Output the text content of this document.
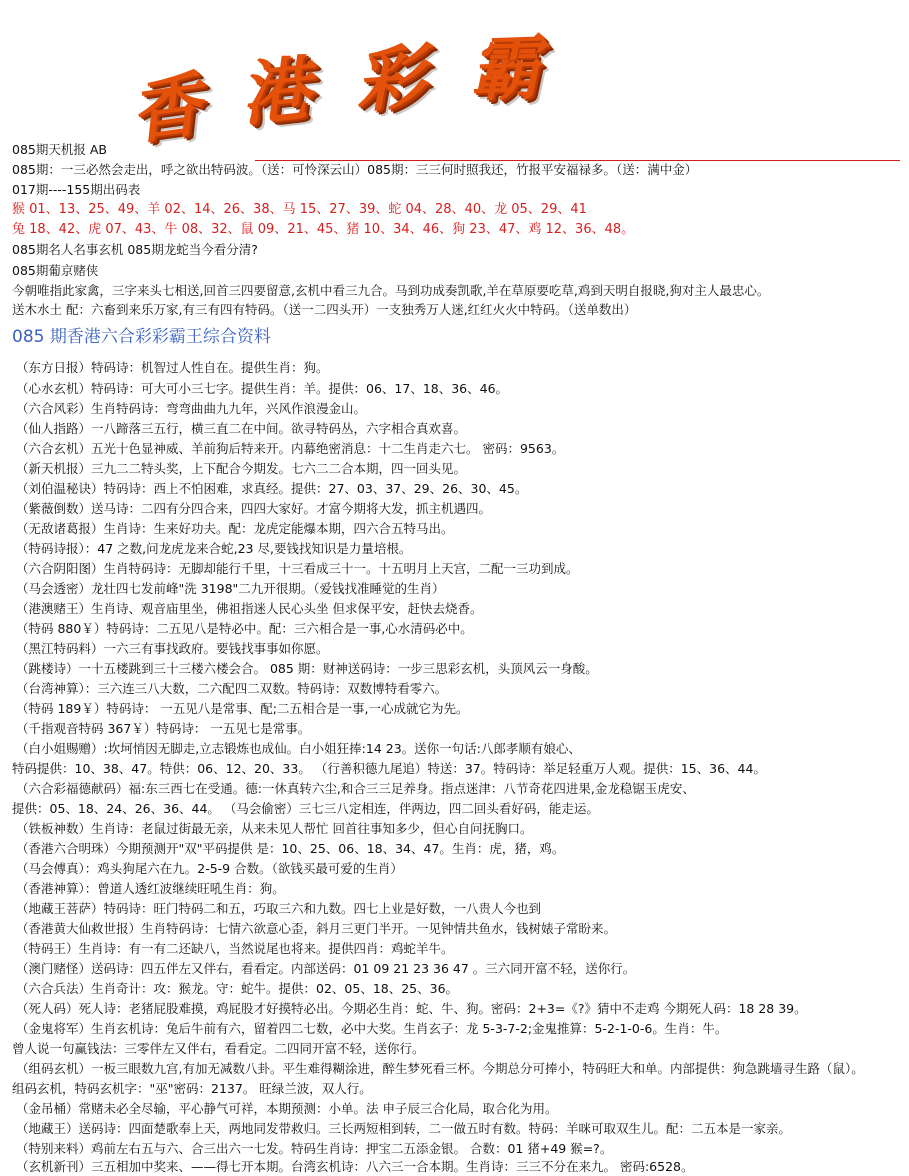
香 港 彩 霸
085期天机报 AB
085期：一三必然会走出，呼之欲出特码波。（送：可怜深云山）085期：三三何时照我还，竹报平安福禄多。（送：满中金）
017期----155期出码表
猴 01、13、25、49、羊 02、14、26、38、马 15、27、39、蛇 04、28、40、龙 05、29、41
兔 18、42、虎 07、43、牛 08、32、鼠 09、21、45、猪 10、34、46、狗 23、47、鸡 12、36、48。
085期名人名事玄机 085期龙蛇当今看分清?
085期葡京赌侠
今朝唯指此家禽，三字来头七相送,回首三四要留意,玄机中看三九合。马到功成奏凯歌,羊在草原要吃草,鸡到天明自报晓,狗对主人最忠心。
送木水土 配：六畜到来乐万家,有三有四有特码。（送一二四头开）一支独秀万人迷,红红火火中特码。（送单数出）
085 期香港六合彩彩霸王综合资料
（东方日报）特码诗：机智过人性自在。提供生肖：狗。
（心水玄机）特码诗：可大可小三七字。提供生肖：羊。提供：06、17、18、36、46。
（六合风彩）生肖特码诗：弯弯曲曲九九年，兴风作浪漫金山。
（仙人指路）一八蹄落三五行，横三直二在中间。欲寻特码丛，六字相合真欢喜。
（六合玄机）五光十色显神威、羊前狗后特来开。内幕绝密消息：十二生肖走六七。 密码：9563。
（新天机报）三九二二特头奖，上下配合今期发。七六二二合本期，四一回头见。
（刘伯温秘诀）特码诗：西上不怕困难，求真经。提供：27、03、37、29、26、30、45。
（紫薇倒数）送马诗：二四有分四合来，四四大家好。才富今期将大发，抓主机遇四。
（无敌诸葛报）生肖诗：生来好功夫。配：龙虎定能爆本期，四六合五特马出。
（特码诗报）：47 之数,问龙虎龙来合蛇,23 尽,要钱找知识是力量培根。
（六合阴阳图）生肖特码诗：无脚却能行千里，十三看成三十一。十五明月上天宫，二配一三功到成。
（马会透密）龙壮四七发前峰"洗 3198"二九开很期。（爱钱找准睡觉的生肖）
（港澳赌王）生肖诗、观音庙里坐，佛祖指迷人民心头坐 但求保平安，赶快去烧香。
（特码 880￥）特码诗：二五见八是特必中。配：三六相合是一事,心水清码必中。
（黑江特码料）一六三有事找政府。要钱找事事如你愿。
（跳楼诗）一十五楼跳到三十三楼六楼会合。 085 期：财神送码诗：一步三思彩玄机，头顶风云一身酸。
（台湾神算）：三六连三八大数，二六配四二双数。特码诗：双数博特看零六。
（特码 189￥）特码诗： 一五见八是常事、配;二五相合是一事,一心成就它为先。
（千指观音特码 367￥）特码诗： 一五见七是常事。
（白小姐赐赠）:坎坷悄因无脚走,立志锻炼也成仙。白小姐狂捧:14 23。送你一句话:八郎孝顺有娘心、
特码提供：10、38、47。特供：06、12、20、33。 （行善积德九尾追）特送：37。特码诗：举足轻重万人观。提供：15、36、44。
（六合彩福德献码）福:东三西七在受通。德:一休真转六尘,和合三三足养身。指点迷津：八节奇花四进果,金龙稳锯玉虎安、
提供：05、18、24、26、36、44。 （马会偷密）三七三八定相连，伴两边，四二回头看好码，能走运。
（铁板神数）生肖诗：老鼠过街最无亲，从来未见人帮忙 回首往事知多少，但心自问抚胸口。
（香港六合明珠）今期预测开"双"平码提供 是：10、25、06、18、34、47。生肖：虎，猪，鸡。
（马会傅真）：鸡头狗尾六在九。2-5-9 合数。（欲钱买最可爱的生肖）
（香港神算）：曾道人透红波继续旺吼生肖：狗。
（地藏王菩萨）特码诗：旺门特码二和五，巧取三六和九数。四七上业是好数，一八贵人今也到
（香港黄大仙救世报）生肖特码诗：七情六欲意心歪，斜月三更门半开。一见钟情共鱼水，钱树婊子常盼来。
（特码王）生肖诗：有一有二还缺八，当然说尾也将来。提供四肖：鸡蛇羊牛。
（澳门赌怪）送码诗：四五伴左又伴右，看看定。内部送码：01 09 21 23 36 47 。三六同开富不轻，送你行。
（六合兵法）生肖奇计：攻：猴龙。守：蛇牛。提供：02、05、18、25、36。
（死人码）死人诗：老猪屁股难摸，鸡屁股才好摸特必出。今期必生肖：蛇、牛、狗。密码：2+3=《?》猜中不走鸡 今期死人码：18 28 39。
（金鬼将军）生肖玄机诗：兔后牛前有六，留着四二七数，必中大奖。生肖玄子：龙 5-3-7-2;金鬼推算：5-2-1-0-6。生肖：牛。
曾人说一句赢钱法：三零伴左又伴右，看看定。二四同开富不轻，送你行。
（组码玄机）一板三眼数九宫,有加无减数八卦。平生难得糊涂进，醉生梦死看三杯。今期总分可捧小，特码旺大和单。内部提供：狗急跳墙寻生路（鼠）。
组码玄机，特码玄机字："巫"密码：2137。 旺绿兰波，双人行。
（金吊桶）常赌未必全尽输，平心静气可祥，本期预测：小单。法 申子辰三合化局，取合化为用。
（地藏王）送码诗：四面楚歌奉上天，两地同发带救归。三长两短相到转，二一做五时有数。特码：羊咪可取双生儿。配：二五本是一家亲。
（特别来料）鸡前左右五与六、合三出六一七发。特码生肖诗：押宝二五添金银。 合数：01 猪+49 猴=?。
（玄机新刊）三五相加中奖来、——得七开本期。台湾玄机诗：八六三一合本期。生肖诗：三三不分在来九。 密码:6528。
